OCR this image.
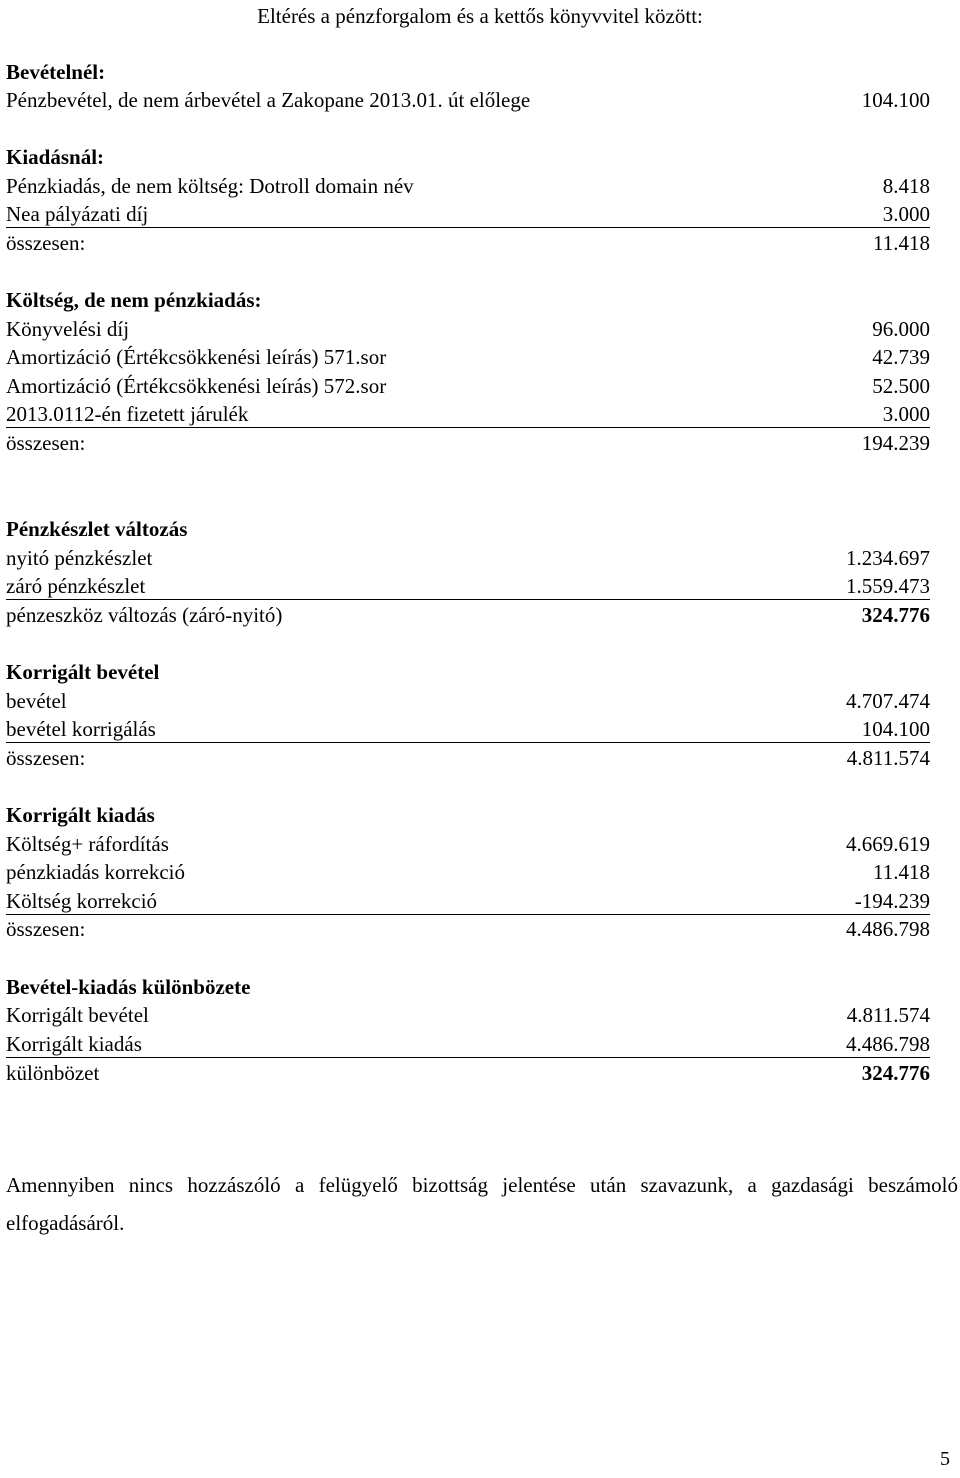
Eltérés a pénzforgalom és a kettős könyvvitel között:
Bevételnél:
Pénzbevétel, de nem árbevétel a Zakopane 2013.01. út előlege	104.100
Kiadásnál:
Pénzkiadás, de nem költség: Dotroll domain név	8.418
Nea pályázati díj	3.000
összesen:	11.418
Költség, de nem pénzkiadás:
Könyvelési díj	96.000
Amortizáció (Értékcsökkenési leírás) 571.sor	42.739
Amortizáció (Értékcsökkenési leírás) 572.sor	52.500
2013.0112-én fizetett járulék	3.000
összesen:	194.239
Pénzkészlet változás
nyitó pénzkészlet	1.234.697
záró pénzkészlet	1.559.473
pénzeszköz változás (záró-nyitó)	324.776
Korrigált bevétel
bevétel	4.707.474
bevétel korrigálás	104.100
összesen:	4.811.574
Korrigált kiadás
Költség+ ráfordítás	4.669.619
pénzkiadás korrekció	11.418
Költség korrekció	-194.239
összesen:	4.486.798
Bevétel-kiadás különbözete
Korrigált bevétel	4.811.574
Korrigált kiadás	4.486.798
különbözet	324.776
Amennyiben nincs hozzászóló a felügyelő bizottság jelentése után szavazunk, a gazdasági beszámoló elfogadásáról.
5
